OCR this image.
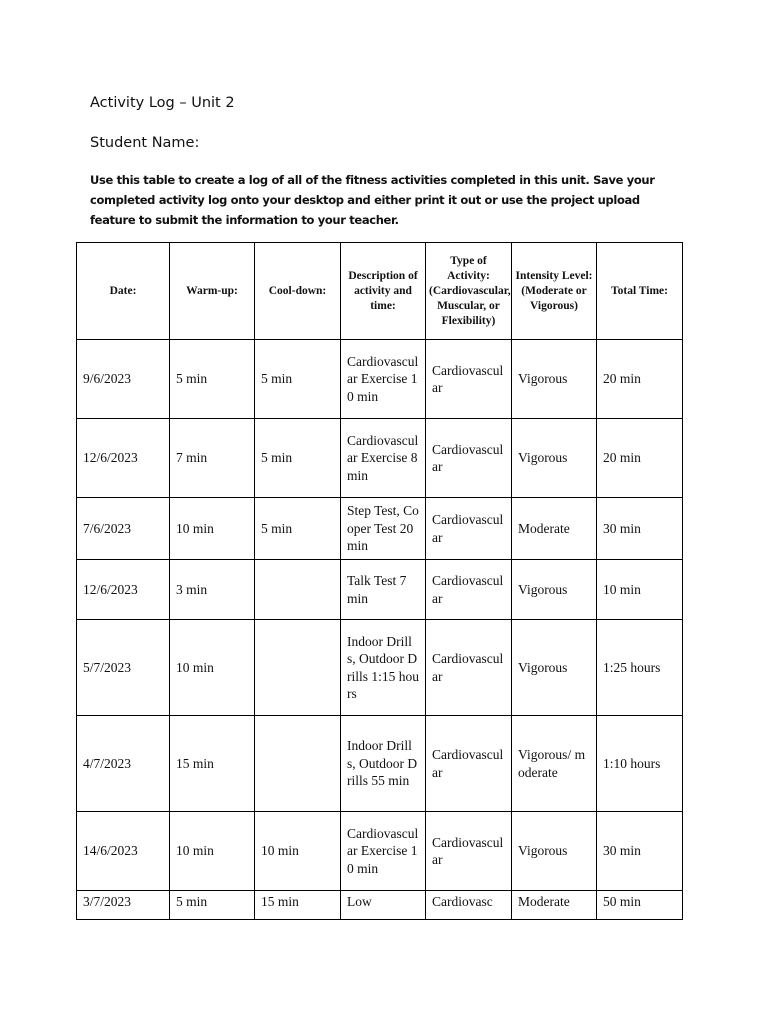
Activity Log – Unit 2
Student Name:
Use this table to create a log of all of the fitness activities completed in this unit. Save your completed activity log onto your desktop and either print it out or use the project upload feature to submit the information to your teacher.
Date:	Warm-up:	Cool-down:	Description of activity and time:	Type of Activity: (Cardiovascular, Muscular, or Flexibility)	Intensity Level: (Moderate or Vigorous)	Total Time:
9/6/2023	5 min	5 min	Cardiovascular Exercise 10 min	Cardiovascular	Vigorous	20 min
12/6/2023	7 min	5 min	Cardiovascular Exercise 8 min	Cardiovascular	Vigorous	20 min
7/6/2023	10 min	5 min	Step Test, Cooper Test 20 min	Cardiovascular	Moderate	30 min
12/6/2023	3 min		Talk Test 7 min	Cardiovascular	Vigorous	10 min
5/7/2023	10 min		Indoor Drills, Outdoor Drills 1:15 hours	Cardiovascular	Vigorous	1:25 hours
4/7/2023	15 min		Indoor Drills, Outdoor Drills 55 min	Cardiovascular	Vigorous/ moderate	1:10 hours
14/6/2023	10 min	10 min	Cardiovascular Exercise 10 min	Cardiovascular	Vigorous	30 min
3/7/2023	5 min	15 min	Low	Cardiovasc	Moderate	50 min
